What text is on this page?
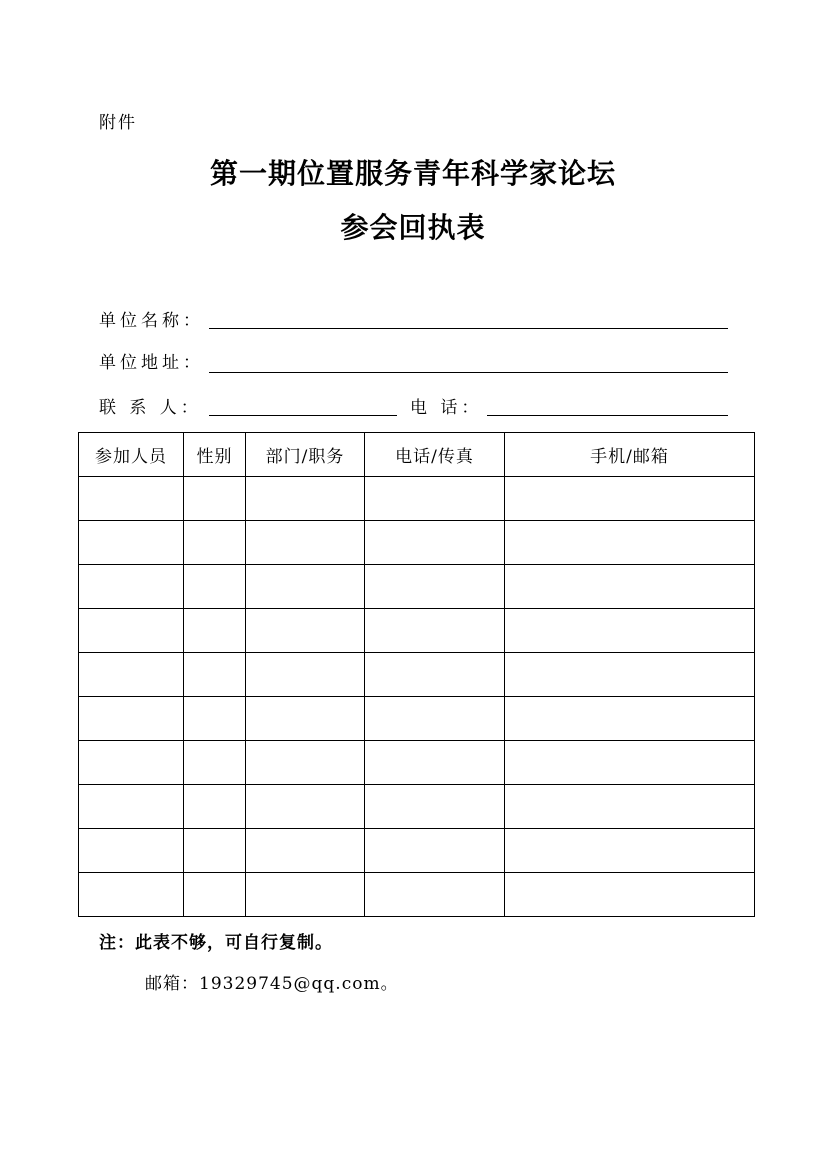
附件
第一期位置服务青年科学家论坛
参会回执表
单位名称：
单位地址：
联 系 人：	电 话：
参加人员	性别	部门/职务	电话/传真	手机/邮箱

注：此表不够，可自行复制。
邮箱：19329745@qq.com。
